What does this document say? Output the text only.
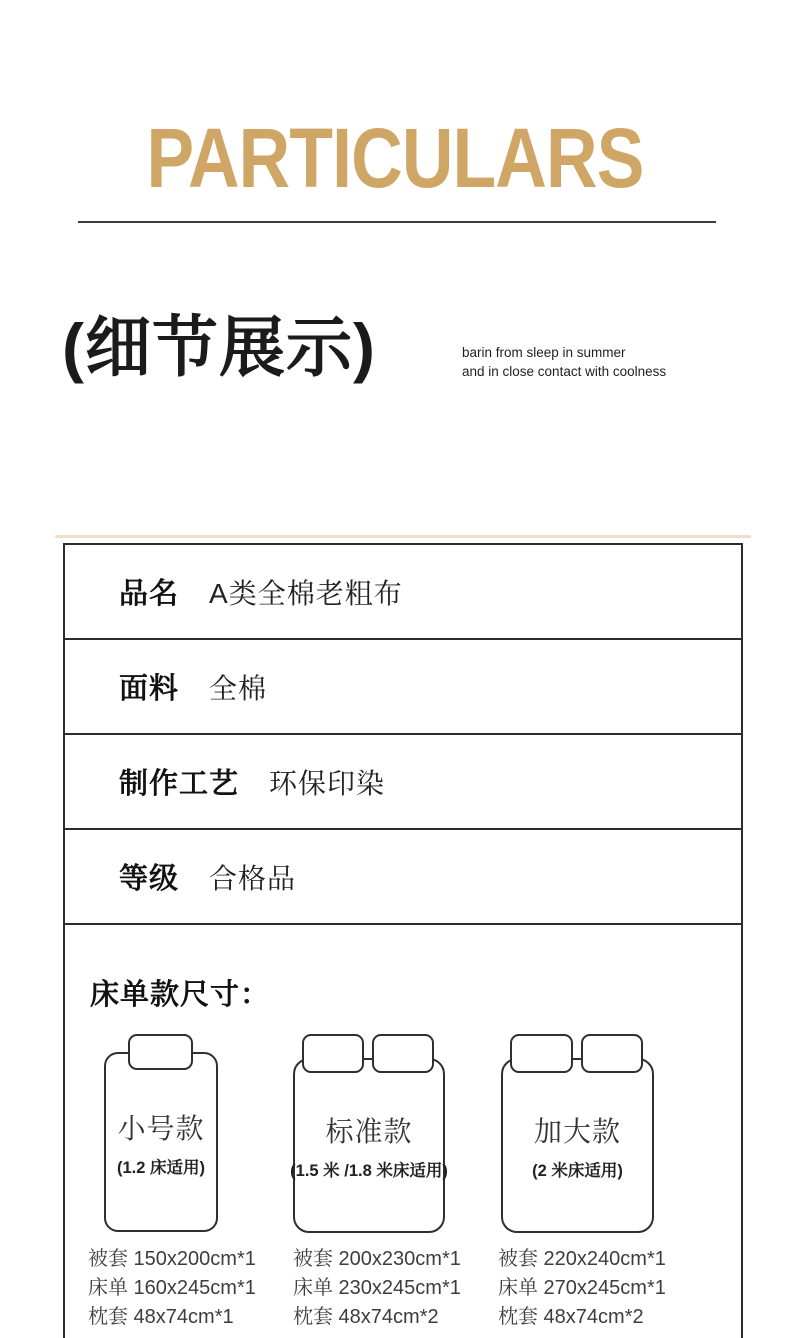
PARTICULARS
(细节展示)	barin from sleep in summer
and in close contact with coolness
品名 A类全棉老粗布
面料 全棉
制作工艺 环保印染
等级 合格品
床单款尺寸：
小号款
(1.2 床适用)
标准款
(1.5 米 /1.8 米床适用)
加大款
(2 米床适用)
被套 150x200cm*1
床单 160x245cm*1
枕套 48x74cm*1
被套 200x230cm*1
床单 230x245cm*1
枕套 48x74cm*2
被套 220x240cm*1
床单 270x245cm*1
枕套 48x74cm*2
